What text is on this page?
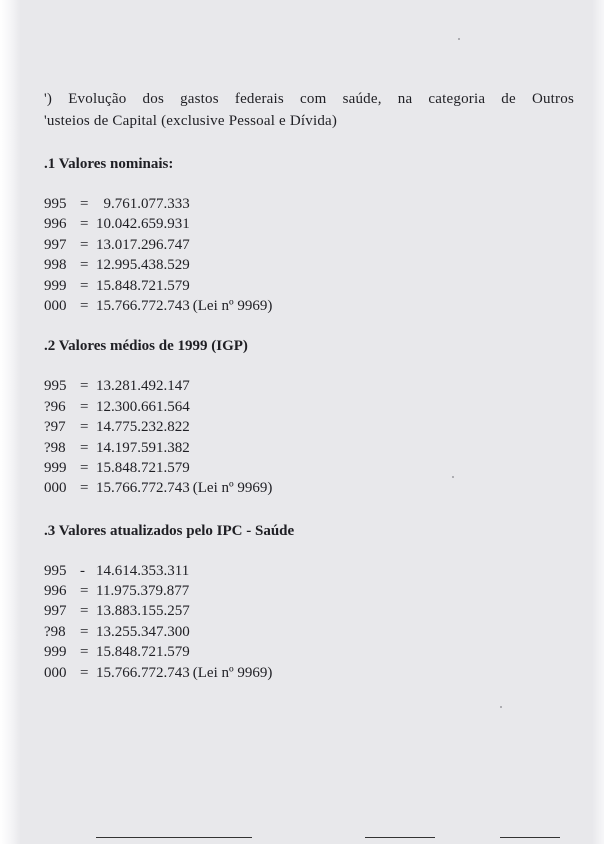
') Evolução dos gastos federais com saúde, na categoria de Outros
'usteios de Capital (exclusive Pessoal e Dívida)

.1 Valores nominais:

995 =  9.761.077.333
996 = 10.042.659.931
997 = 13.017.296.747
998 = 12.995.438.529
999 = 15.848.721.579
000 = 15.766.772.743 (Lei nº 9969)

.2 Valores médios de 1999 (IGP)

995 = 13.281.492.147
?96 = 12.300.661.564
?97 = 14.775.232.822
?98 = 14.197.591.382
999 = 15.848.721.579
000 = 15.766.772.743 (Lei nº 9969)

.3 Valores atualizados pelo IPC - Saúde

995 - 14.614.353.311
996 = 11.975.379.877
997 = 13.883.155.257
?98 = 13.255.347.300
999 = 15.848.721.579
000 = 15.766.772.743 (Lei nº 9969)
